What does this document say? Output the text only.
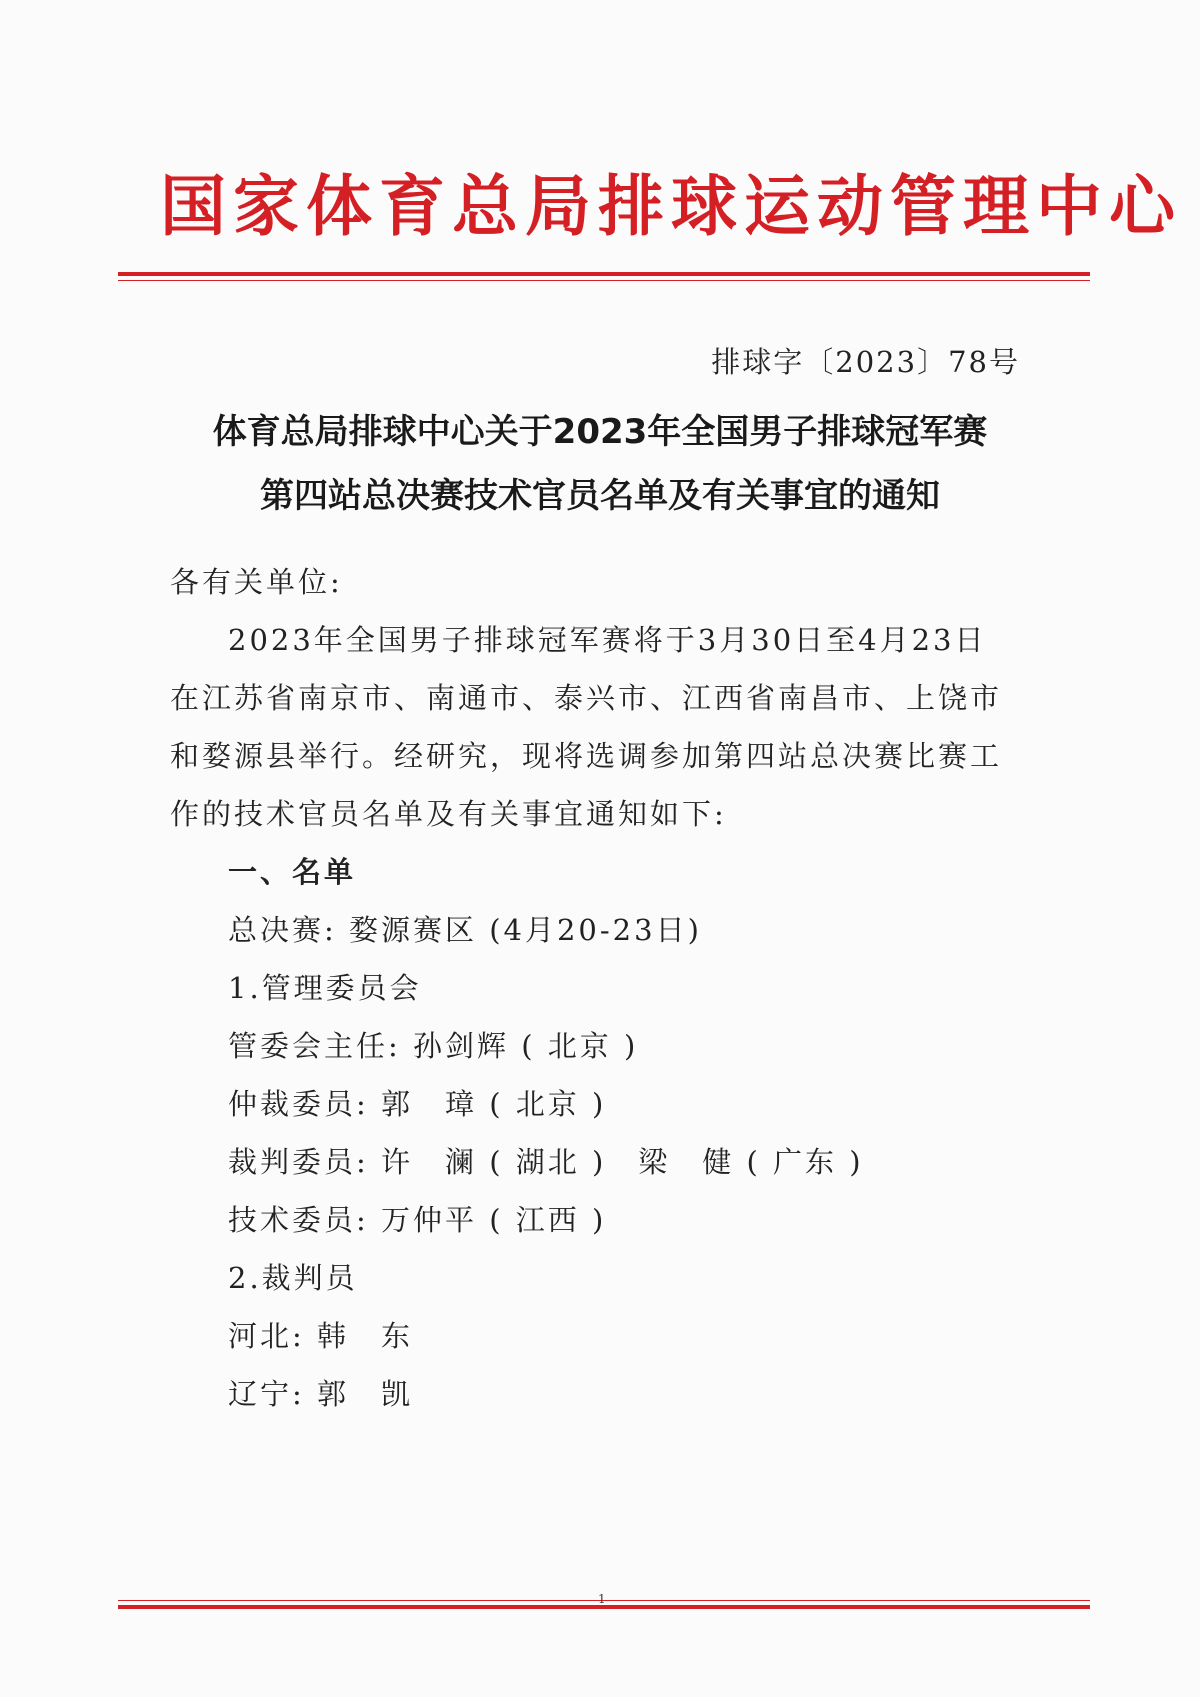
国家体育总局排球运动管理中心
排球字〔2023〕78号
体育总局排球中心关于2023年全国男子排球冠军赛
第四站总决赛技术官员名单及有关事宜的通知
各有关单位:
2023年全国男子排球冠军赛将于3月30日至4月23日
在江苏省南京市、南通市、泰兴市、江西省南昌市、上饶市
和婺源县举行。经研究，现将选调参加第四站总决赛比赛工
作的技术官员名单及有关事宜通知如下:
一、名单
总决赛: 婺源赛区 (4月20-23日)
1.管理委员会
管委会主任: 孙剑辉 ( 北京 )
仲裁委员: 郭　璋 ( 北京 )
裁判委员: 许　澜 ( 湖北 )　梁　健 ( 广东 )
技术委员: 万仲平 ( 江西 )
2.裁判员
河北: 韩　东
辽宁: 郭　凯
1
